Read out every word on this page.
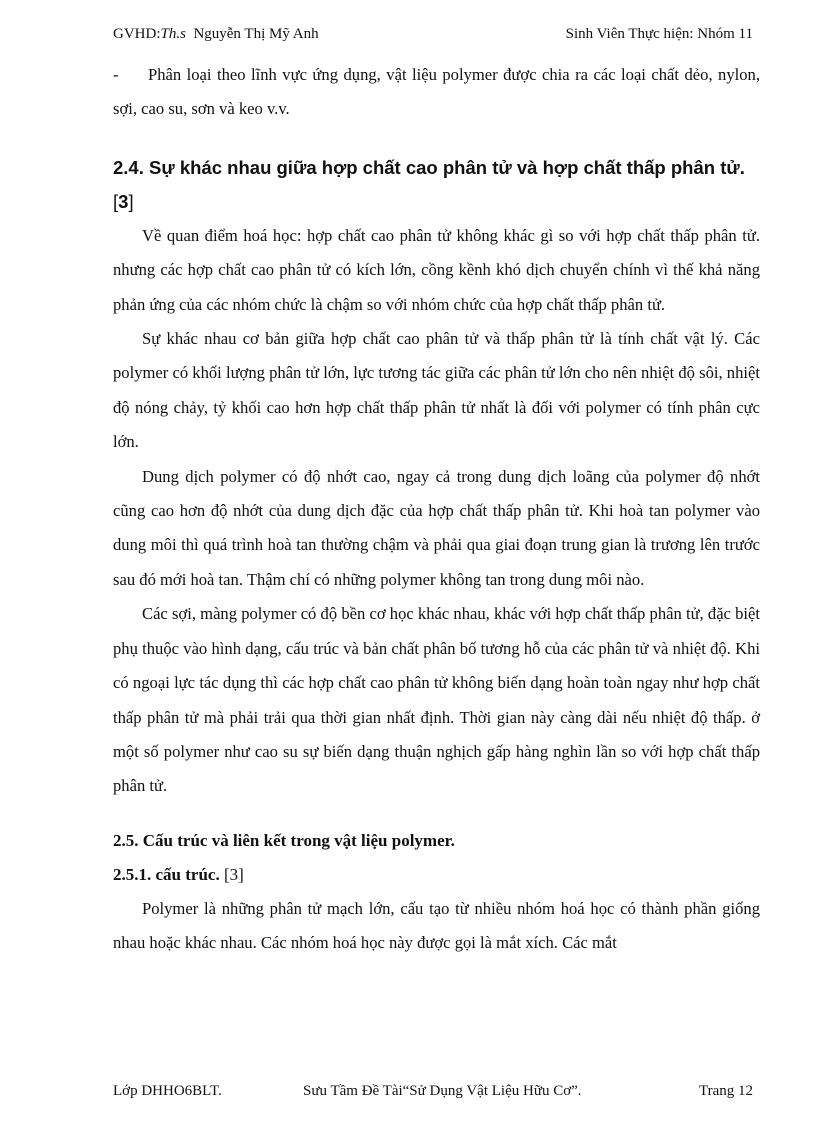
GVHD:Th.s Nguyễn Thị Mỹ Anh	Sinh Viên Thực hiện: Nhóm 11

- Phân loại theo lĩnh vực ứng dụng, vật liệu polymer được chia ra các loại chất dẻo, nylon, sợi, cao su, sơn và keo v.v.

2.4. Sự khác nhau giữa hợp chất cao phân tử và hợp chất thấp phân tử.
[3]

Về quan điểm hoá học: hợp chất cao phân tử không khác gì so với hợp chất thấp phân tử. nhưng các hợp chất cao phân tử có kích lớn, cồng kềnh khó dịch chuyển chính vì thế khả năng phản ứng của các nhóm chức là chậm so với nhóm chức của hợp chất thấp phân tử.

Sự khác nhau cơ bản giữa hợp chất cao phân tử và thấp phân tử là tính chất vật lý. Các polymer có khối lượng phân tử lớn, lực tương tác giữa các phân tử lớn cho nên nhiệt độ sôi, nhiệt độ nóng chảy, tỷ khối cao hơn hợp chất thấp phân tử nhất là đối với polymer có tính phân cực lớn.

Dung dịch polymer có độ nhớt cao, ngay cả trong dung dịch loãng của polymer độ nhớt cũng cao hơn độ nhớt của dung dịch đặc của hợp chất thấp phân tử. Khi hoà tan polymer vào dung môi thì quá trình hoà tan thường chậm và phải qua giai đoạn trung gian là trương lên trước sau đó mới hoà tan. Thậm chí có những polymer không tan trong dung môi nào.

Các sợi, màng polymer có độ bền cơ học khác nhau, khác với hợp chất thấp phân tử, đặc biệt phụ thuộc vào hình dạng, cấu trúc và bản chất phân bố tương hỗ của các phân tử và nhiệt độ. Khi có ngoại lực tác dụng thì các hợp chất cao phân tử không biến dạng hoàn toàn ngay như hợp chất thấp phân tử mà phải trải qua thời gian nhất định. Thời gian này càng dài nếu nhiệt độ thấp. ở một số polymer như cao su sự biến dạng thuận nghịch gấp hàng nghìn lần so với hợp chất thấp phân tử.

2.5. Cấu trúc và liên kết trong vật liệu polymer.
2.5.1. cấu trúc. [3]

Polymer là những phân tử mạch lớn, cấu tạo từ nhiều nhóm hoá học có thành phần giống nhau hoặc khác nhau. Các nhóm hoá học này được gọi là mắt xích. Các mắt

Lớp DHHO6BLT.	Sưu Tầm Đề Tài“Sử Dụng Vật Liệu Hữu Cơ”.	Trang 12
